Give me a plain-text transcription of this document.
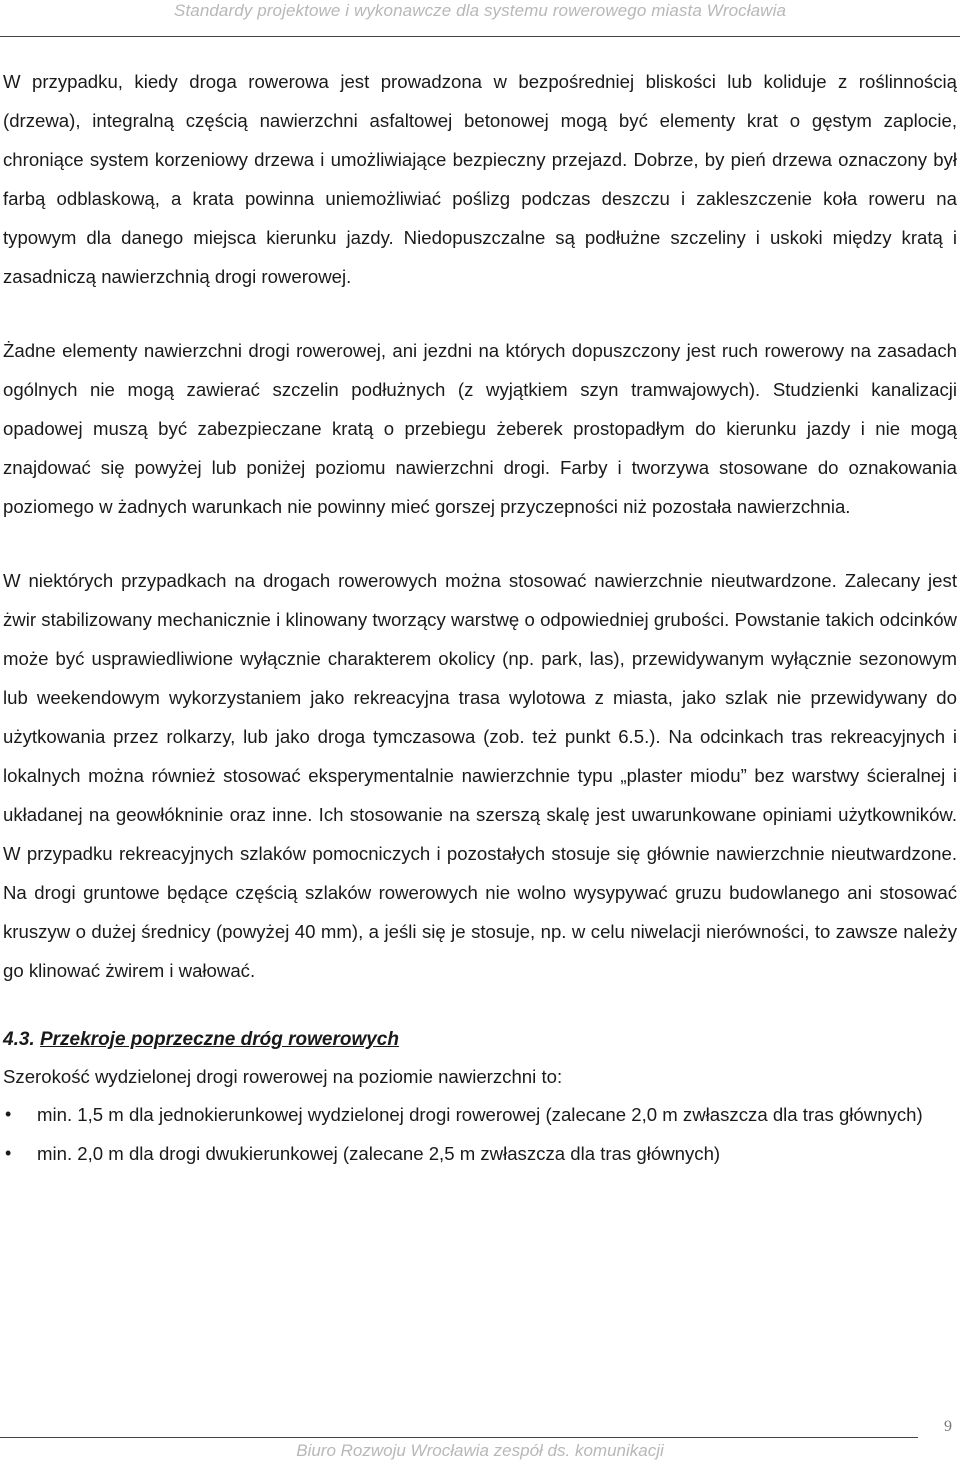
Standardy projektowe i wykonawcze dla systemu rowerowego miasta Wrocławia

W przypadku, kiedy droga rowerowa jest prowadzona w bezpośredniej bliskości lub koliduje z roślinnością (drzewa), integralną częścią nawierzchni asfaltowej betonowej mogą być elementy krat o gęstym zaplocie, chroniące system korzeniowy drzewa i umożliwiające bezpieczny przejazd. Dobrze, by pień drzewa oznaczony był farbą odblaskową, a krata powinna uniemożliwiać poślizg podczas deszczu i zakleszczenie koła roweru na typowym dla danego miejsca kierunku jazdy. Niedopuszczalne są podłużne szczeliny i uskoki między kratą i zasadniczą nawierzchnią drogi rowerowej.

Żadne elementy nawierzchni drogi rowerowej, ani jezdni na których dopuszczony jest ruch rowerowy na zasadach ogólnych nie mogą zawierać szczelin podłużnych (z wyjątkiem szyn tramwajowych). Studzienki kanalizacji opadowej muszą być zabezpieczane kratą o przebiegu żeberek prostopadłym do kierunku jazdy i nie mogą znajdować się powyżej lub poniżej poziomu nawierzchni drogi. Farby i tworzywa stosowane do oznakowania poziomego w żadnych warunkach nie powinny mieć gorszej przyczepności niż pozostała nawierzchnia.

W niektórych przypadkach na drogach rowerowych można stosować nawierzchnie nieutwardzone. Zalecany jest żwir stabilizowany mechanicznie i klinowany tworzący warstwę o odpowiedniej grubości. Powstanie takich odcinków może być usprawiedliwione wyłącznie charakterem okolicy (np. park, las), przewidywanym wyłącznie sezonowym lub weekendowym wykorzystaniem jako rekreacyjna trasa wylotowa z miasta, jako szlak nie przewidywany do użytkowania przez rolkarzy, lub jako droga tymczasowa (zob. też punkt 6.5.). Na odcinkach tras rekreacyjnych i lokalnych można również stosować eksperymentalnie nawierzchnie typu „plaster miodu” bez warstwy ścieralnej i układanej na geowłókninie oraz inne. Ich stosowanie na szerszą skalę jest uwarunkowane opiniami użytkowników. W przypadku rekreacyjnych szlaków pomocniczych i pozostałych stosuje się głównie nawierzchnie nieutwardzone. Na drogi gruntowe będące częścią szlaków rowerowych nie wolno wysypywać gruzu budowlanego ani stosować kruszyw o dużej średnicy (powyżej 40 mm), a jeśli się je stosuje, np. w celu niwelacji nierówności, to zawsze należy go klinować żwirem i wałować.

4.3. Przekroje poprzeczne dróg rowerowych

Szerokość wydzielonej drogi rowerowej na poziomie nawierzchni to:

• min. 1,5 m dla jednokierunkowej wydzielonej drogi rowerowej (zalecane 2,0 m zwłaszcza dla tras głównych)
• min. 2,0 m dla drogi dwukierunkowej (zalecane 2,5 m zwłaszcza dla tras głównych)
9
Biuro Rozwoju Wrocławia zespół ds. komunikacji
